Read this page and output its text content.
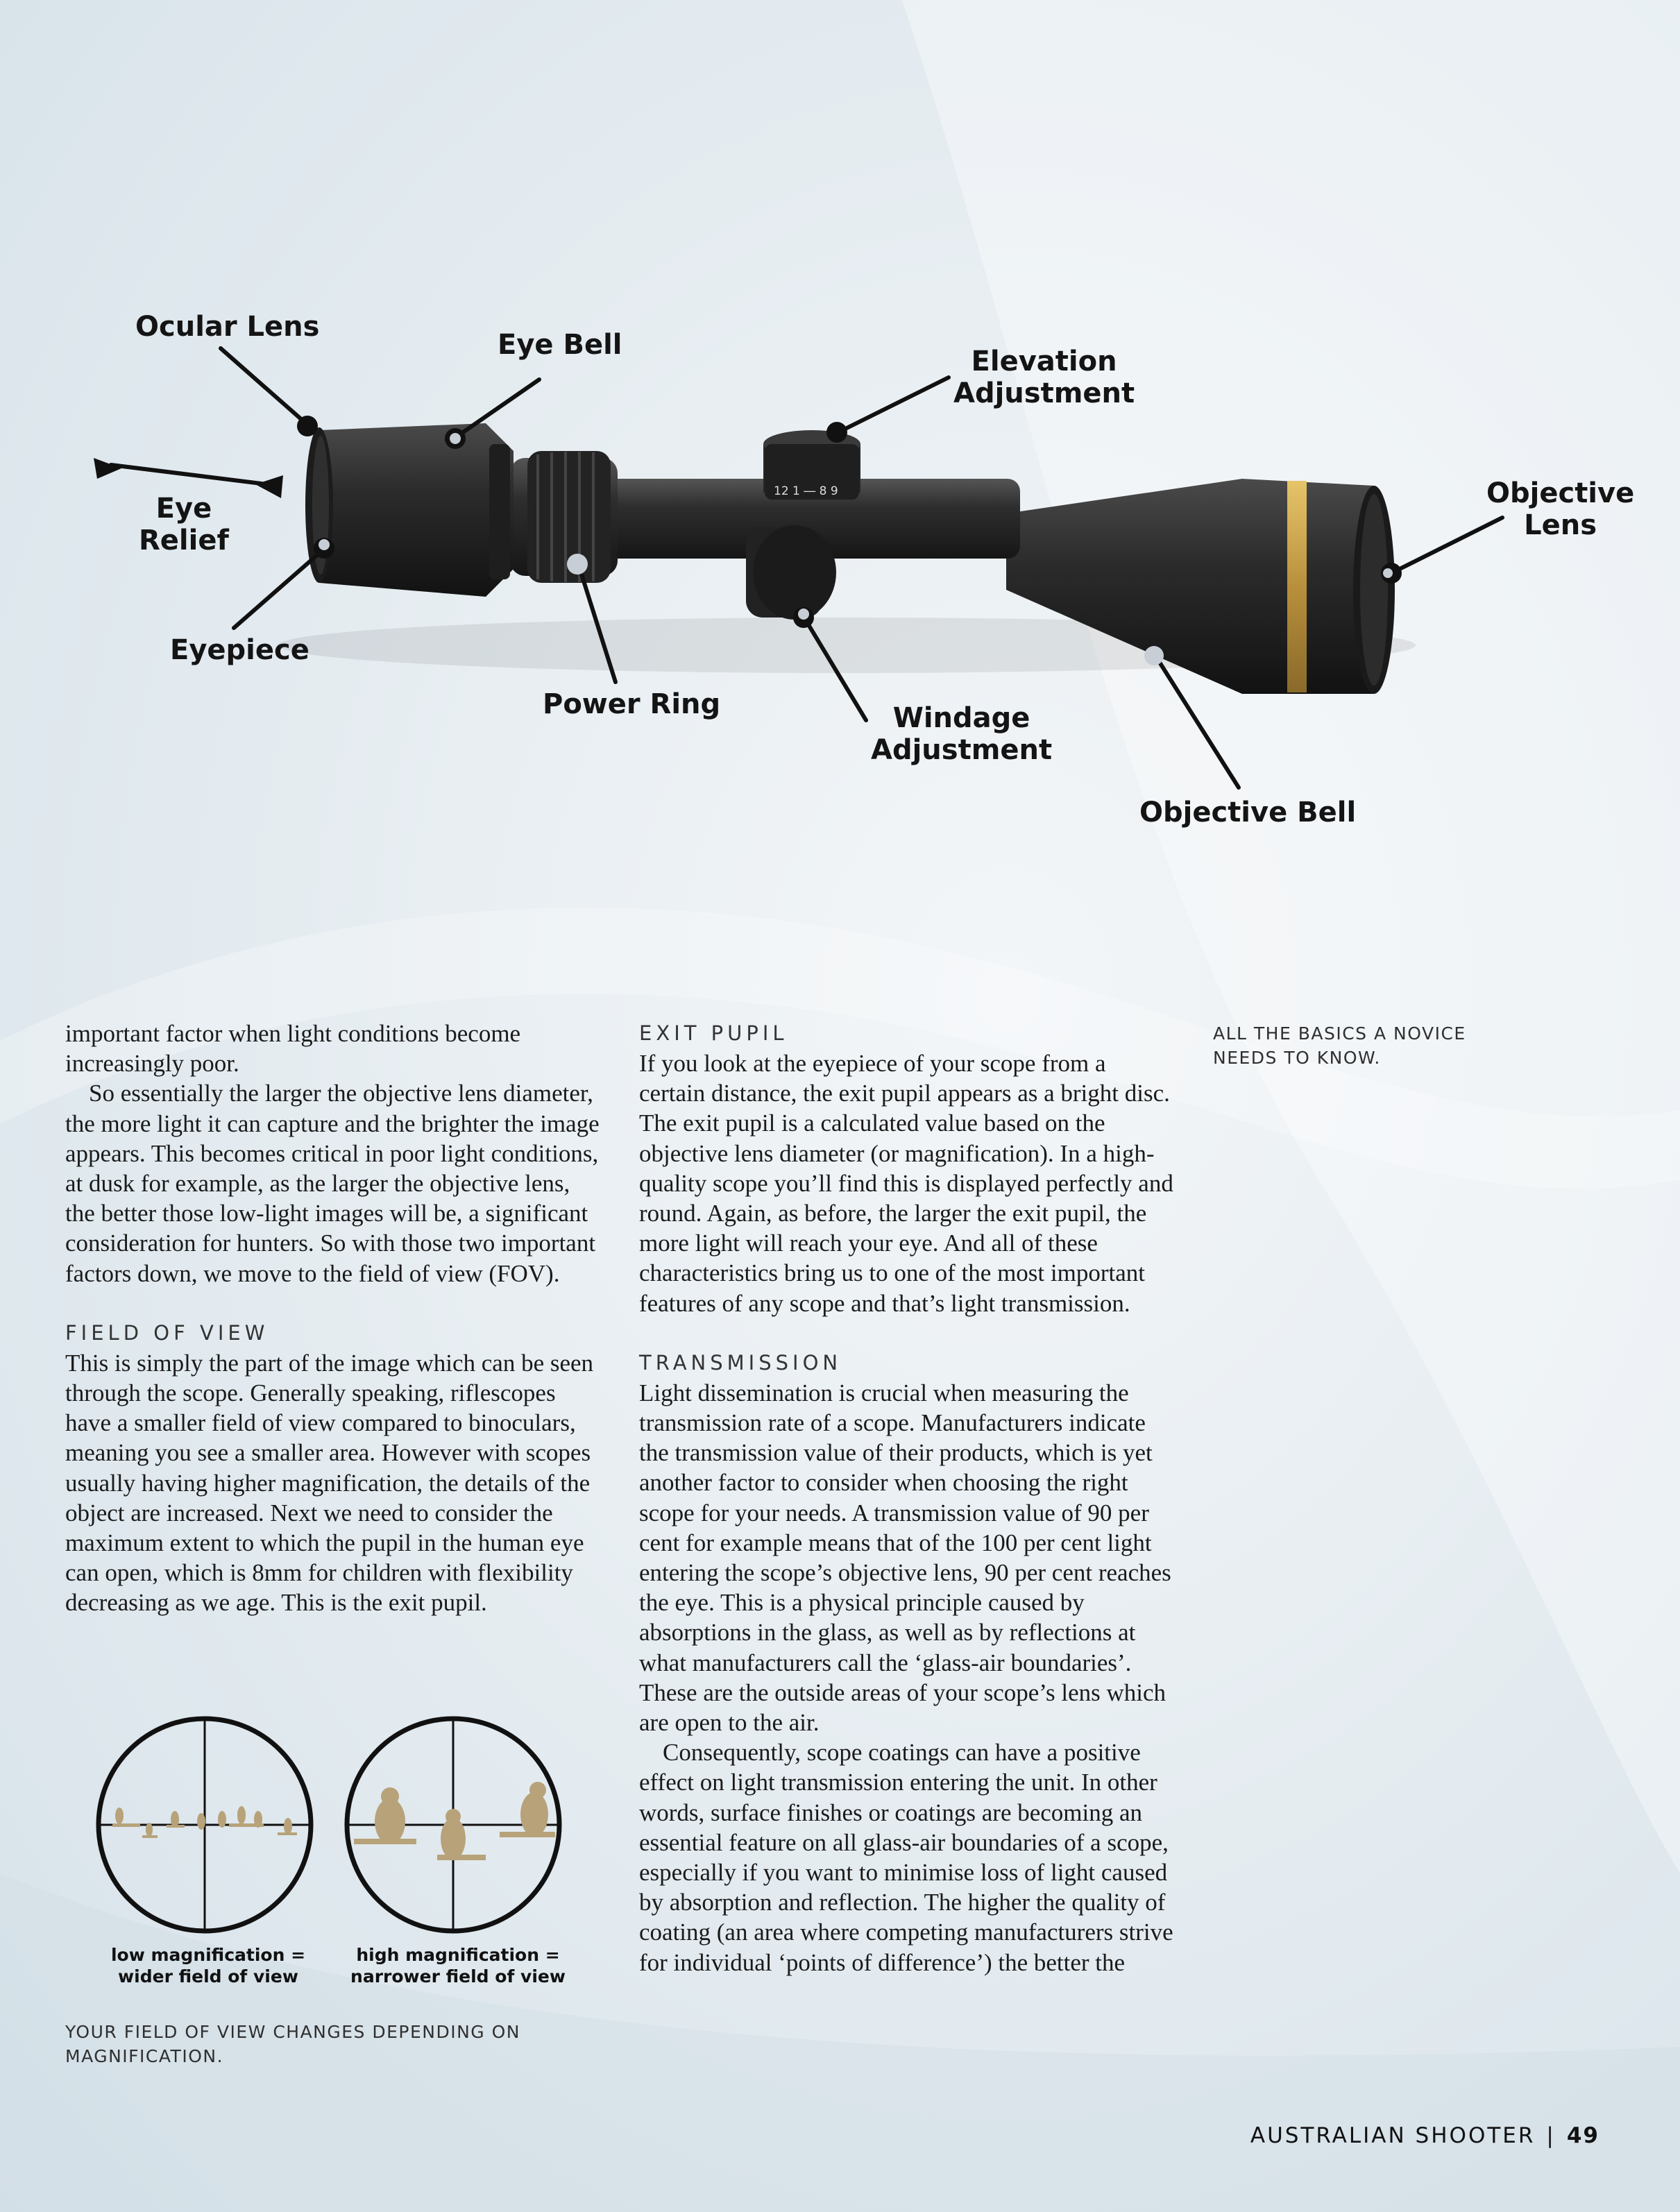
12 1 ― 8 9
Ocular Lens
Eye Bell
Elevation
Adjustment
Objective
Lens
Eye
Relief
Eyepiece
Power Ring	Windage
Adjustment
Objective Bell

important factor when light conditions become increasingly poor.

So essentially the larger the objective lens diameter, the more light it can capture and the brighter the image appears. This becomes critical in poor light conditions, at dusk for example, as the larger the objective lens, the better those low-light images will be, a significant consideration for hunters. So with those two important factors down, we move to the field of view (FOV).

FIELD OF VIEW

This is simply the part of the image which can be seen through the scope. Generally speaking, riflescopes have a smaller field of view compared to binoculars, meaning you see a smaller area. However with scopes usually having higher magnification, the details of the object are increased. Next we need to consider the maximum extent to which the pupil in the human eye can open, which is 8mm for children with flexibility decreasing as we age. This is the exit pupil.

low magnification =
wider field of view
high magnification =
narrower field of view
YOUR FIELD OF VIEW CHANGES DEPENDING ON MAGNIFICATION.
EXIT PUPIL

If you look at the eyepiece of your scope from a certain distance, the exit pupil appears as a bright disc. The exit pupil is a calculated value based on the objective lens diameter (or magnification). In a high-quality scope you’ll find this is displayed perfectly and round. Again, as before, the larger the exit pupil, the more light will reach your eye. And all of these characteristics bring us to one of the most important features of any scope and that’s light transmission.

TRANSMISSION

Light dissemination is crucial when measuring the transmission rate of a scope. Manufacturers indicate the transmission value of their products, which is yet another factor to consider when choosing the right scope for your needs. A transmission value of 90 per cent for example means that of the 100 per cent light entering the scope’s objective lens, 90 per cent reaches the eye. This is a physical principle caused by absorptions in the glass, as well as by reflections at what manufacturers call the ‘glass-air boundaries’. These are the outside areas of your scope’s lens which are open to the air.

Consequently, scope coatings can have a positive effect on light transmission entering the unit. In other words, surface finishes or coatings are becoming an essential feature on all glass-air boundaries of a scope, especially if you want to minimise loss of light caused by absorption and reflection. The higher the quality of coating (an area where competing manufacturers strive for individual ‘points of difference’) the better the

ALL THE BASICS A NOVICE NEEDS TO KNOW.
AUSTRALIAN SHOOTER | 49
